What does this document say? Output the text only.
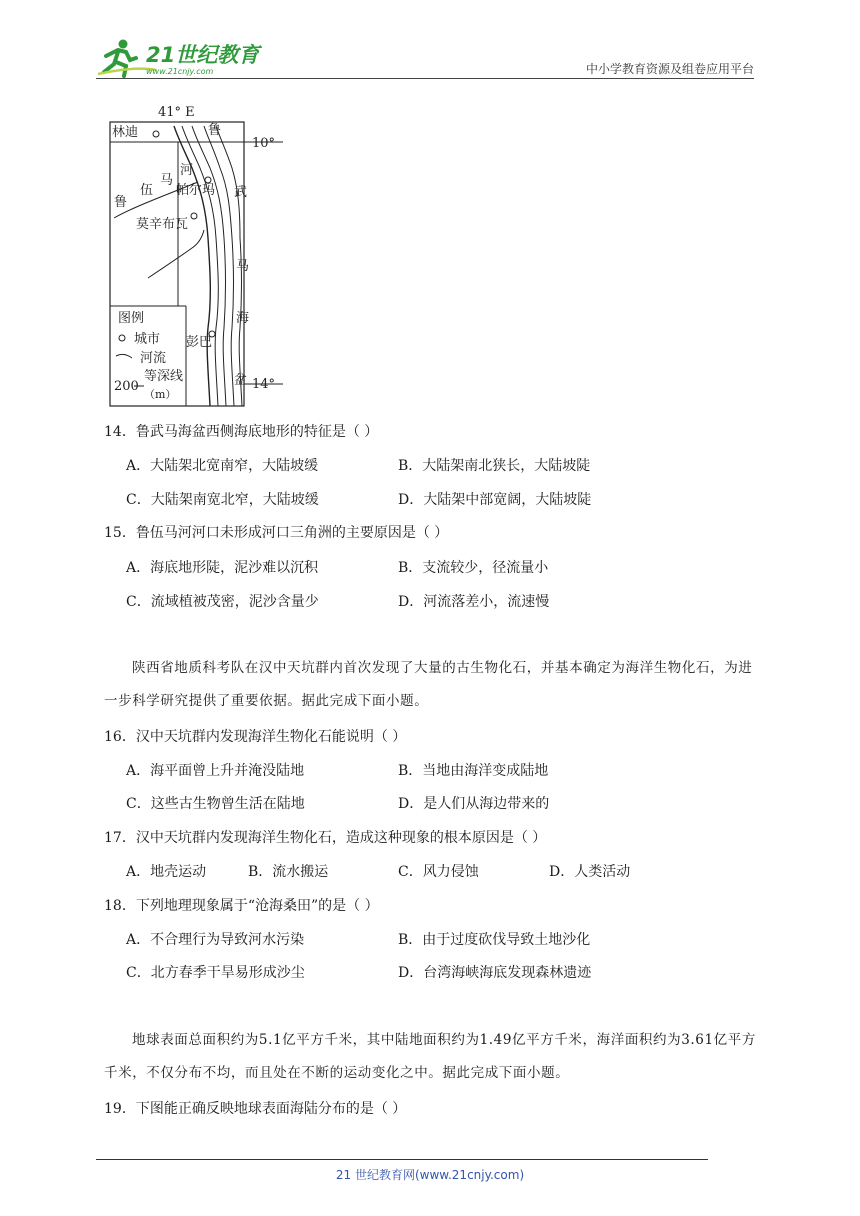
21世纪教育
www.21cnjy.com	中小学教育资源及组卷应用平台
41° E
10°
14°
林迪	鲁
鲁
伍
马
河
帕尔玛
莫辛布瓦
彭巴
武
马
海
盆
图例
城市
河流
等深线
200
（m）
14．鲁武马海盆西侧海底地形的特征是（ ）
A．大陆架北宽南窄，大陆坡缓	B．大陆架南北狭长，大陆坡陡
C．大陆架南宽北窄，大陆坡缓	D．大陆架中部宽阔，大陆坡陡
15．鲁伍马河河口未形成河口三角洲的主要原因是（ ）
A．海底地形陡，泥沙难以沉积	B．支流较少，径流量小
C．流域植被茂密，泥沙含量少	D．河流落差小，流速慢
陕西省地质科考队在汉中天坑群内首次发现了大量的古生物化石，并基本确定为海洋生物化石，为进一步科学研究提供了重要依据。据此完成下面小题。
16．汉中天坑群内发现海洋生物化石能说明（ ）
A．海平面曾上升并淹没陆地	B．当地由海洋变成陆地
C．这些古生物曾生活在陆地	D．是人们从海边带来的
17．汉中天坑群内发现海洋生物化石，造成这种现象的根本原因是（ ）
A．地壳运动	B．流水搬运	C．风力侵蚀	D．人类活动
18．下列地理现象属于“沧海桑田”的是（ ）
A．不合理行为导致河水污染	B．由于过度砍伐导致土地沙化
C．北方春季干旱易形成沙尘	D．台湾海峡海底发现森林遗迹
地球表面总面积约为5.1亿平方千米，其中陆地面积约为1.49亿平方千米，海洋面积约为3.61亿平方千米，不仅分布不均，而且处在不断的运动变化之中。据此完成下面小题。
19．下图能正确反映地球表面海陆分布的是（ ）
21 世纪教育网(www.21cnjy.com)
